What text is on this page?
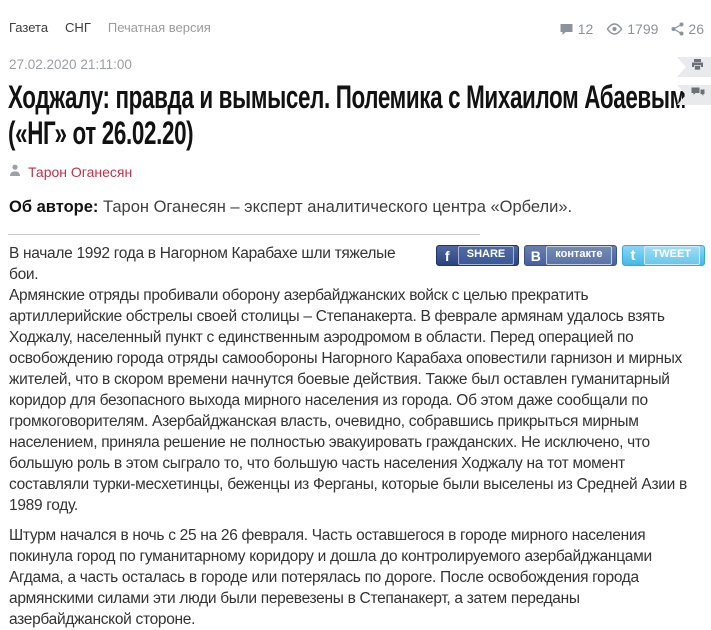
Газета СНГ Печатная версия	12 1799 26
27.02.2020 21:11:00
Ходжалу: правда и вымысел. Полемика с Михаилом Абаевым
(«НГ» от 26.02.20)
Тарон Оганесян
Об авторе: Тарон Оганесян – эксперт аналитического центра «Орбели».
f	SHARE	В	контакте	t	TWEET

В начале 1992 года в Нагорном Карабахе шли тяжелые бои.

Армянские отряды пробивали оборону азербайджанских войск с целью прекратить артиллерийские обстрелы своей столицы – Степанакерта. В феврале армянам удалось взять Ходжалу, населенный пункт с единственным аэродромом в области. Перед операцией по освобождению города отряды самообороны Нагорного Карабаха оповестили гарнизон и мирных жителей, что в скором времени начнутся боевые действия. Также был оставлен гуманитарный коридор для безопасного выхода мирного населения из города. Об этом даже сообщали по громкоговорителям. Азербайджанская власть, очевидно, собравшись прикрыться мирным населением, приняла решение не полностью эвакуировать гражданских. Не исключено, что большую роль в этом сыграло то, что большую часть населения Ходжалу на тот момент составляли турки-месхетинцы, беженцы из Ферганы, которые были выселены из Средней Азии в 1989 году.

Штурм начался в ночь с 25 на 26 февраля. Часть оставшегося в городе мирного населения покинула город по гуманитарному коридору и дошла до контролируемого азербайджанцами Агдама, а часть осталась в городе или потерялась по дороге. После освобождения города армянскими силами эти люди были перевезены в Степанакерт, а затем переданы азербайджанской стороне.
